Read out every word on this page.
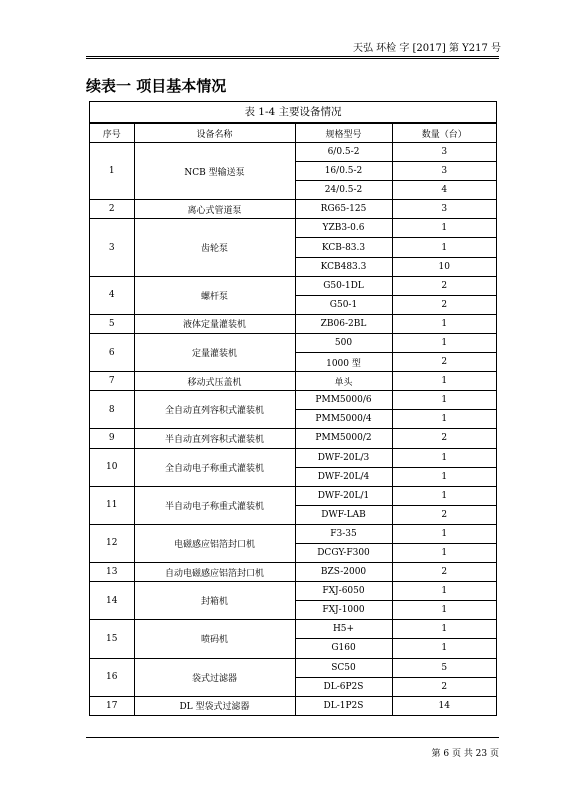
天弘 环检 字 [2017] 第 Y217 号
续表一 项目基本情况
表 1-4 主要设备情况
序号	设备名称	规格型号	数量（台）
1	NCB 型输送泵	6/0.5-2	3
		16/0.5-2	3
		24/0.5-2	4
2	离心式管道泵	RG65-125	3
3	齿轮泵	YZB3-0.6	1
		KCB-83.3	1
		KCB483.3	10
4	螺杆泵	G50-1DL	2
		G50-1	2
5	液体定量灌装机	ZB06-2BL	1
6	定量灌装机	500	1
		1000 型	2
7	移动式压盖机	单头	1
8	全自动直列容积式灌装机	PMM5000/6	1
		PMM5000/4	1
9	半自动直列容积式灌装机	PMM5000/2	2
10	全自动电子称重式灌装机	DWF-20L/3	1
		DWF-20L/4	1
11	半自动电子称重式灌装机	DWF-20L/1	1
		DWF-LAB	2
12	电磁感应铝箔封口机	F3-35	1
		DCGY-F300	1
13	自动电磁感应铝箔封口机	BZS-2000	2
14	封箱机	FXJ-6050	1
		FXJ-1000	1
15	喷码机	H5+	1
		G160	1
16	袋式过滤器	SC50	5
		DL-6P2S	2
17	DL 型袋式过滤器	DL-1P2S	14
第 6 页 共 23 页
